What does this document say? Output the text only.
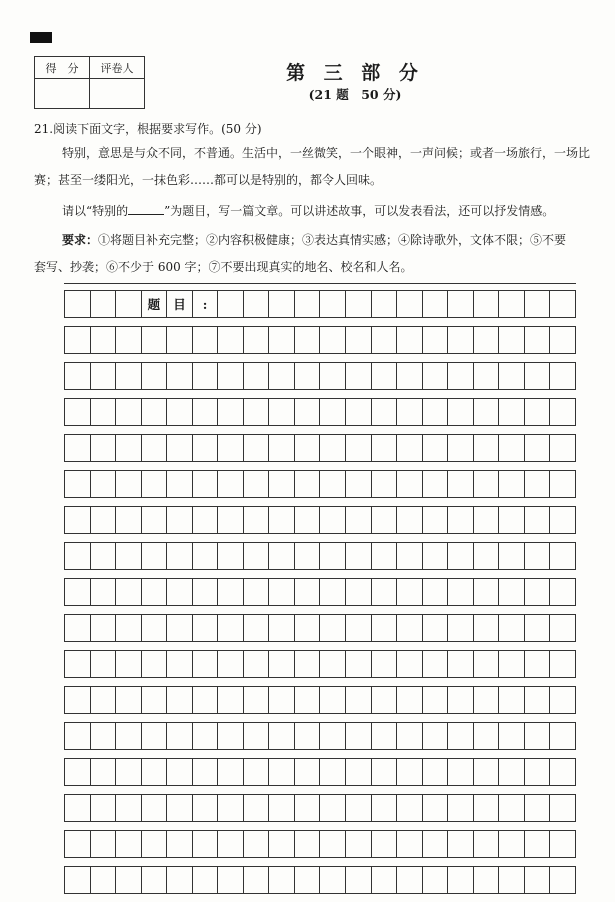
得　分	评卷人
		第 三 部 分
(21 题　50 分)
21.阅读下面文字，根据要求写作。(50 分)
特别，意思是与众不同，不普通。生活中，一丝微笑，一个眼神，一声问候；或者一场旅行，一场比
赛；甚至一缕阳光，一抹色彩……都可以是特别的，都令人回味。
请以“特别的	”为题目，写一篇文章。可以讲述故事，可以发表看法，还可以抒发情感。
要求：①将题目补充完整；②内容积极健康；③表达真情实感；④除诗歌外，文体不限；⑤不要
套写、抄袭；⑥不少于 600 字；⑦不要出现真实的地名、校名和人名。
题	目	:
